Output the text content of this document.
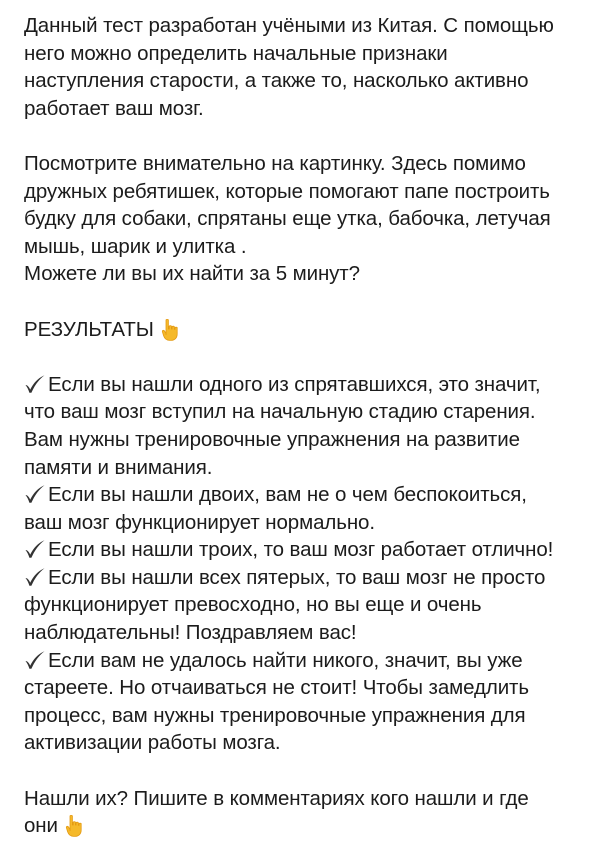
Данный тест разработан учёными из Китая. С помощью
него можно определить начальные признаки
наступления старости, а также то, насколько активно
работает ваш мозг.
Посмотрите внимательно на картинку. Здесь помимо
дружных ребятишек, которые помогают папе построить
будку для собаки, спрятаны еще утка, бабочка, летучая
мышь, шарик и улитка .
Можете ли вы их найти за 5 минут?
РЕЗУЛЬТАТЫ
Если вы нашли одного из спрятавшихся, это значит,
что ваш мозг вступил на начальную стадию старения.
Вам нужны тренировочные упражнения на развитие
памяти и внимания.
Если вы нашли двоих, вам не о чем беспокоиться,
ваш мозг функционирует нормально.
Если вы нашли троих, то ваш мозг работает отлично!
Если вы нашли всех пятерых, то ваш мозг не просто
функционирует превосходно, но вы еще и очень
наблюдательны! Поздравляем вас!
Если вам не удалось найти никого, значит, вы уже
стареете. Но отчаиваться не стоит! Чтобы замедлить
процесс, вам нужны тренировочные упражнения для
активизации работы мозга.
Нашли их? Пишите в комментариях кого нашли и где
они
